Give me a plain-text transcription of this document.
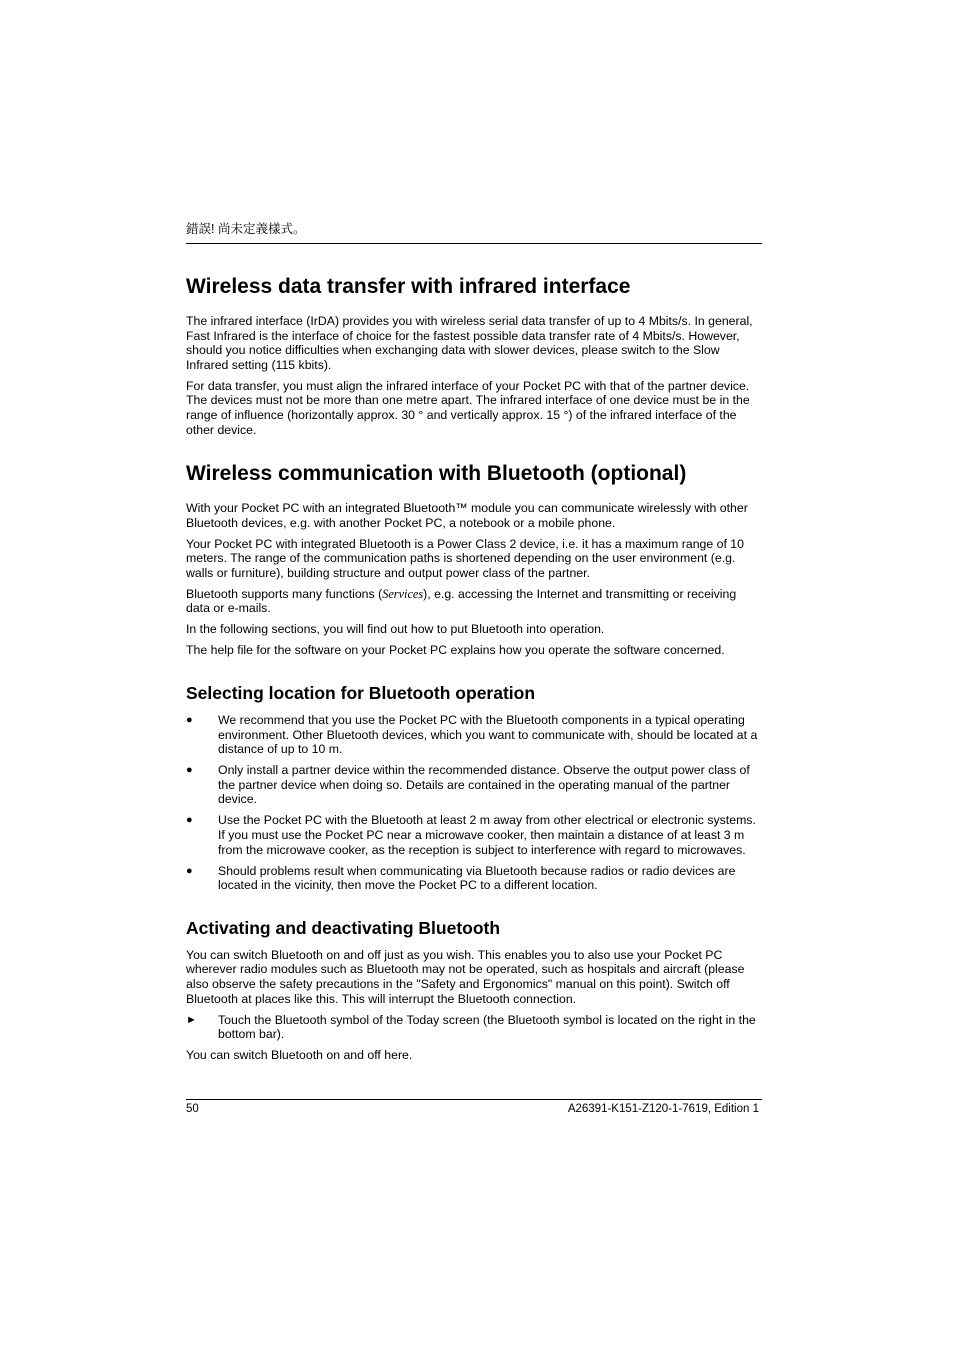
錯誤! 尚未定義樣式。
Wireless data transfer with infrared interface

The infrared interface (IrDA) provides you with wireless serial data transfer of up to 4 Mbits/s. In general, Fast Infrared is the interface of choice for the fastest possible data transfer rate of 4 Mbits/s. However, should you notice difficulties when exchanging data with slower devices, please switch to the Slow Infrared setting (115 kbits).

For data transfer, you must align the infrared interface of your Pocket PC with that of the partner device. The devices must not be more than one metre apart. The infrared interface of one device must be in the range of influence (horizontally approx. 30 ° and vertically approx. 15 °) of the infrared interface of the other device.

Wireless communication with Bluetooth (optional)

With your Pocket PC with an integrated Bluetooth™ module you can communicate wirelessly with other Bluetooth devices, e.g. with another Pocket PC, a notebook or a mobile phone.

Your Pocket PC with integrated Bluetooth is a Power Class 2 device, i.e. it has a maximum range of 10 meters. The range of the communication paths is shortened depending on the user environment (e.g. walls or furniture), building structure and output power class of the partner.

Bluetooth supports many functions (Services), e.g. accessing the Internet and transmitting or receiving data or e-mails.

In the following sections, you will find out how to put Bluetooth into operation.

The help file for the software on your Pocket PC explains how you operate the software concerned.

Selecting location for Bluetooth operation
● We recommend that you use the Pocket PC with the Bluetooth components in a typical operating environment. Other Bluetooth devices, which you want to communicate with, should be located at a distance of up to 10 m.
● Only install a partner device within the recommended distance. Observe the output power class of the partner device when doing so. Details are contained in the operating manual of the partner device.
● Use the Pocket PC with the Bluetooth at least 2 m away from other electrical or electronic systems. If you must use the Pocket PC near a microwave cooker, then maintain a distance of at least 3 m from the microwave cooker, as the reception is subject to interference with regard to microwaves.
● Should problems result when communicating via Bluetooth because radios or radio devices are located in the vicinity, then move the Pocket PC to a different location.
Activating and deactivating Bluetooth

You can switch Bluetooth on and off just as you wish. This enables you to also use your Pocket PC wherever radio modules such as Bluetooth may not be operated, such as hospitals and aircraft (please also observe the safety precautions in the "Safety and Ergonomics" manual on this point). Switch off Bluetooth at places like this. This will interrupt the Bluetooth connection.

► Touch the Bluetooth symbol of the Today screen (the Bluetooth symbol is located on the right in the bottom bar).

You can switch Bluetooth on and off here.

50	A26391-K151-Z120-1-7619, Edition 1
